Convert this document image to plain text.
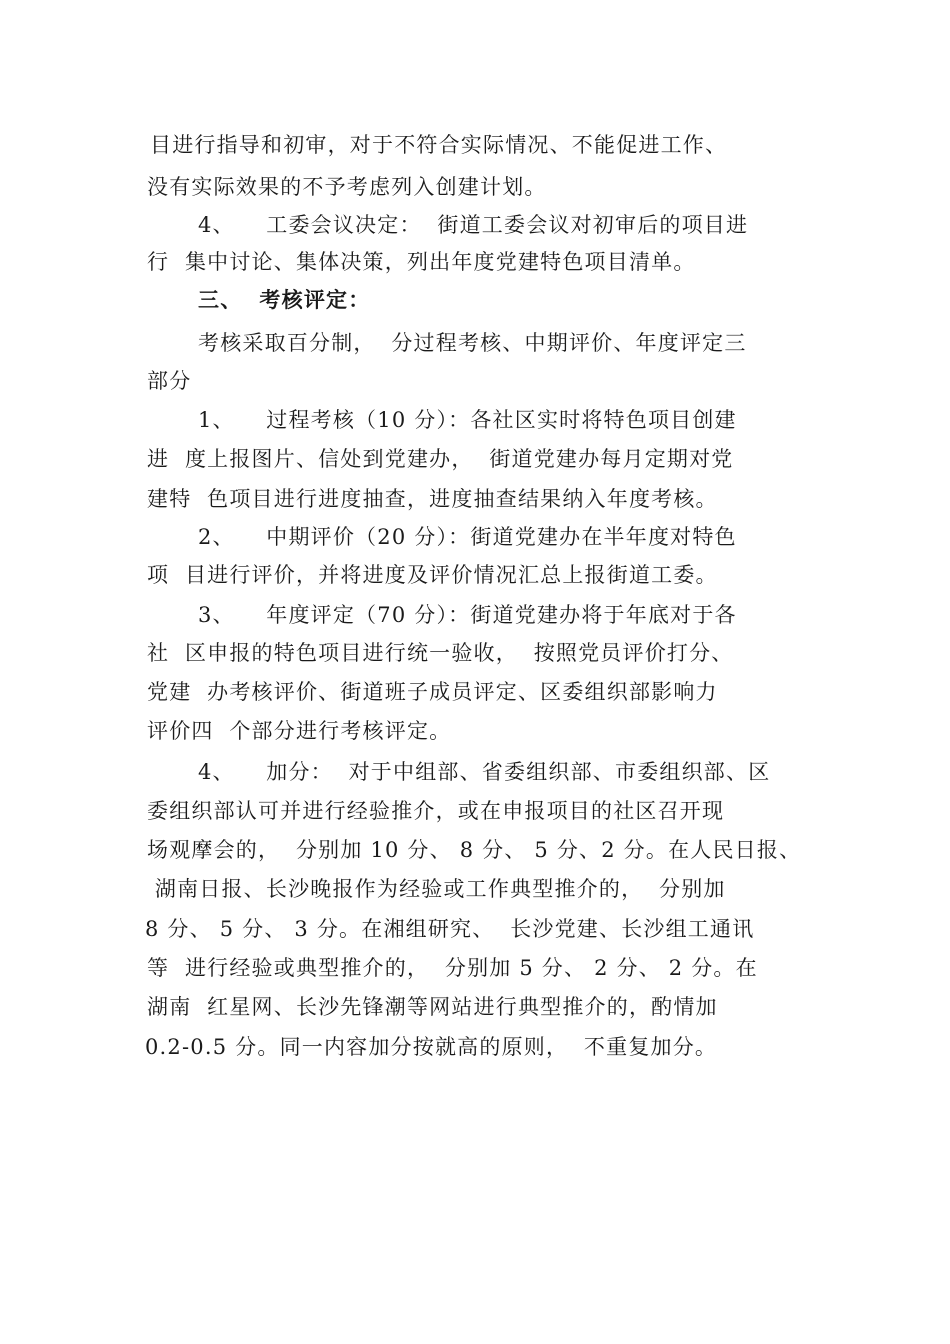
目进行指导和初审，对于不符合实际情况、不能促进工作、
没有实际效果的不予考虑列入创建计划。
4、    工委会议决定：  街道工委会议对初审后的项目进
行  集中讨论、集体决策，列出年度党建特色项目清单。
三、  考核评定：
考核采取百分制，  分过程考核、中期评价、年度评定三
部分
1、    过程考核（10 分）：各社区实时将特色项目创建
进  度上报图片、信处到党建办，  街道党建办每月定期对党
建特  色项目进行进度抽查，进度抽查结果纳入年度考核。
2、    中期评价（20 分）：街道党建办在半年度对特色
项  目进行评价，并将进度及评价情况汇总上报街道工委。
3、    年度评定（70 分）：街道党建办将于年底对于各
社  区申报的特色项目进行统一验收，  按照党员评价打分、
党建  办考核评价、街道班子成员评定、区委组织部影响力
评价四  个部分进行考核评定。
4、    加分：  对于中组部、省委组织部、市委组织部、区
委组织部认可并进行经验推介，或在申报项目的社区召开现
场观摩会的，  分别加 10 分、 8 分、 5 分、2 分。在人民日报、
湖南日报、长沙晚报作为经验或工作典型推介的，  分别加
8 分、 5 分、 3 分。在湘组研究、  长沙党建、长沙组工通讯
等  进行经验或典型推介的，  分别加 5 分、 2 分、 2 分。在
湖南  红星网、长沙先锋潮等网站进行典型推介的，酌情加
0.2-0.5 分。同一内容加分按就高的原则，  不重复加分。
